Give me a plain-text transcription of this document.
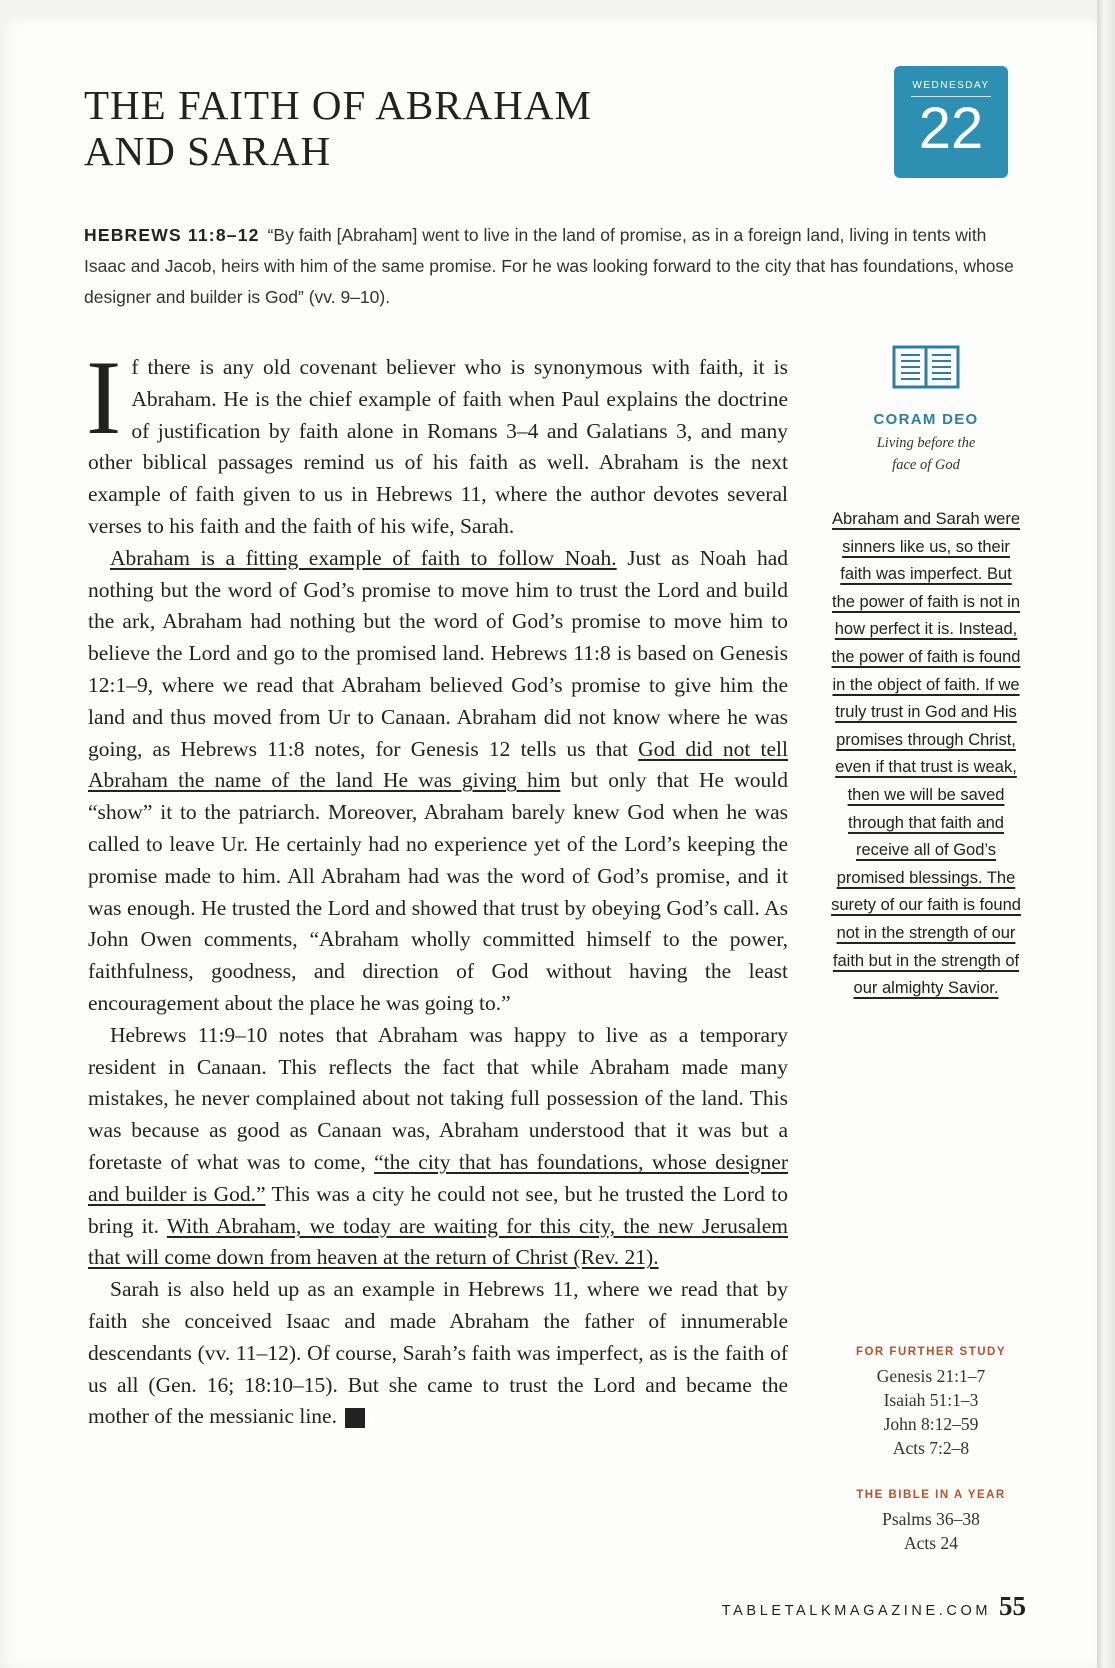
THE FAITH OF ABRAHAM
AND SARAH
WEDNESDAY
22

HEBREWS 11:8–12 “By faith [Abraham] went to live in the land of promise, as in a foreign land, living in tents with Isaac and Jacob, heirs with him of the same promise. For he was looking forward to the city that has foundations, whose designer and builder is God” (vv. 9–10).

If there is any old covenant believer who is synonymous with faith, it is Abraham. He is the chief example of faith when Paul explains the doctrine of justification by faith alone in Romans 3–4 and Galatians 3, and many other biblical passages remind us of his faith as well. Abraham is the next example of faith given to us in Hebrews 11, where the author devotes several verses to his faith and the faith of his wife, Sarah.

Abraham is a fitting example of faith to follow Noah. Just as Noah had nothing but the word of God’s promise to move him to trust the Lord and build the ark, Abraham had nothing but the word of God’s promise to move him to believe the Lord and go to the promised land. Hebrews 11:8 is based on Genesis 12:1–9, where we read that Abraham believed God’s promise to give him the land and thus moved from Ur to Canaan. Abraham did not know where he was going, as Hebrews 11:8 notes, for Genesis 12 tells us that God did not tell Abraham the name of the land He was giving him but only that He would “show” it to the patriarch. Moreover, Abraham barely knew God when he was called to leave Ur. He certainly had no experience yet of the Lord’s keeping the promise made to him. All Abraham had was the word of God’s promise, and it was enough. He trusted the Lord and showed that trust by obeying God’s call. As John Owen comments, “Abraham wholly committed himself to the power, faithfulness, goodness, and direction of God without having the least encouragement about the place he was going to.”

Hebrews 11:9–10 notes that Abraham was happy to live as a temporary resident in Canaan. This reflects the fact that while Abraham made many mistakes, he never complained about not taking full possession of the land. This was because as good as Canaan was, Abraham understood that it was but a foretaste of what was to come, “the city that has foundations, whose designer and builder is God.” This was a city he could not see, but he trusted the Lord to bring it. With Abraham, we today are waiting for this city, the new Jerusalem that will come down from heaven at the return of Christ (Rev. 21).

Sarah is also held up as an example in Hebrews 11, where we read that by faith she conceived Isaac and made Abraham the father of innumerable descendants (vv. 11–12). Of course, Sarah’s faith was imperfect, as is the faith of us all (Gen. 16; 18:10–15). But she came to trust the Lord and became the mother of the messianic line. T

CORAM DEO
Living before the
face of God
Abraham and Sarah were sinners like us, so their faith was imperfect. But the power of faith is not in how perfect it is. Instead, the power of faith is found in the object of faith. If we truly trust in God and His promises through Christ, even if that trust is weak, then we will be saved through that faith and receive all of God’s promised blessings. The surety of our faith is found not in the strength of our faith but in the strength of our almighty Savior.
FOR FURTHER STUDY
Genesis 21:1–7
Isaiah 51:1–3
John 8:12–59
Acts 7:2–8
THE BIBLE IN A YEAR
Psalms 36–38
Acts 24
TABLETALKMAGAZINE.COM 55
